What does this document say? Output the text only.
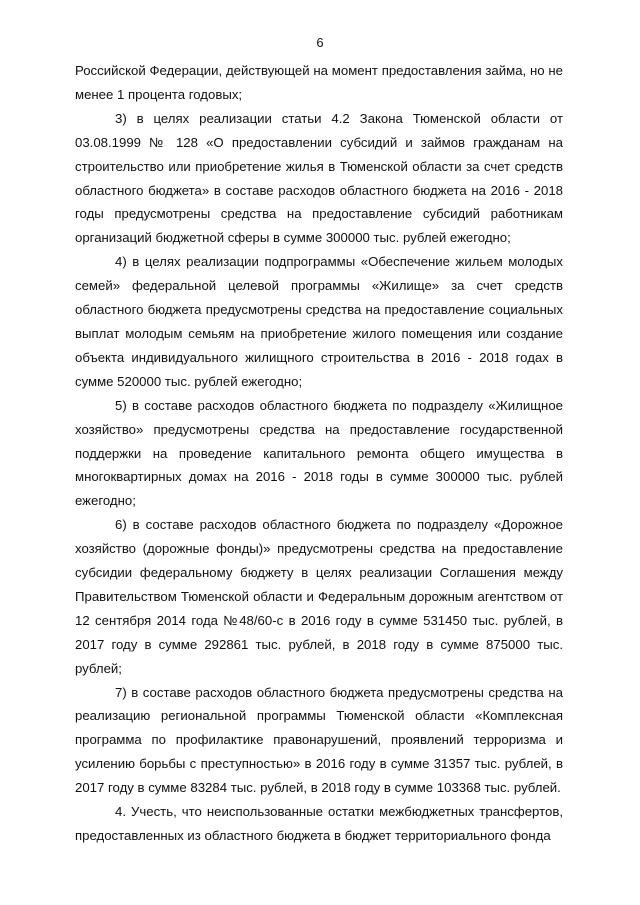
6

Российской Федерации, действующей на момент предоставления займа, но не менее 1 процента годовых;

3) в целях реализации статьи 4.2 Закона Тюменской области от 03.08.1999 № 128 «О предоставлении субсидий и займов гражданам на строительство или приобретение жилья в Тюменской области за счет средств областного бюджета» в составе расходов областного бюджета на 2016 - 2018 годы предусмотрены средства на предоставление субсидий работникам организаций бюджетной сферы в сумме 300000 тыс. рублей ежегодно;

4) в целях реализации подпрограммы «Обеспечение жильем молодых семей» федеральной целевой программы «Жилище» за счет средств областного бюджета предусмотрены средства на предоставление социальных выплат молодым семьям на приобретение жилого помещения или создание объекта индивидуального жилищного строительства в 2016 - 2018 годах в сумме 520000 тыс. рублей ежегодно;

5) в составе расходов областного бюджета по подразделу «Жилищное хозяйство» предусмотрены средства на предоставление государственной поддержки на проведение капитального ремонта общего имущества в многоквартирных домах на 2016 - 2018 годы в сумме 300000 тыс. рублей ежегодно;

6) в составе расходов областного бюджета по подразделу «Дорожное хозяйство (дорожные фонды)» предусмотрены средства на предоставление субсидии федеральному бюджету в целях реализации Соглашения между Правительством Тюменской области и Федеральным дорожным агентством от 12 сентября 2014 года №48/60-с в 2016 году в сумме 531450 тыс. рублей, в 2017 году в сумме 292861 тыс. рублей, в 2018 году в сумме 875000 тыс. рублей;

7) в составе расходов областного бюджета предусмотрены средства на реализацию региональной программы Тюменской области «Комплексная программа по профилактике правонарушений, проявлений терроризма и усилению борьбы с преступностью» в 2016 году в сумме 31357 тыс. рублей, в 2017 году в сумме 83284 тыс. рублей, в 2018 году в сумме 103368 тыс. рублей.

4. Учесть, что неиспользованные остатки межбюджетных трансфертов, предоставленных из областного бюджета в бюджет территориального фонда
